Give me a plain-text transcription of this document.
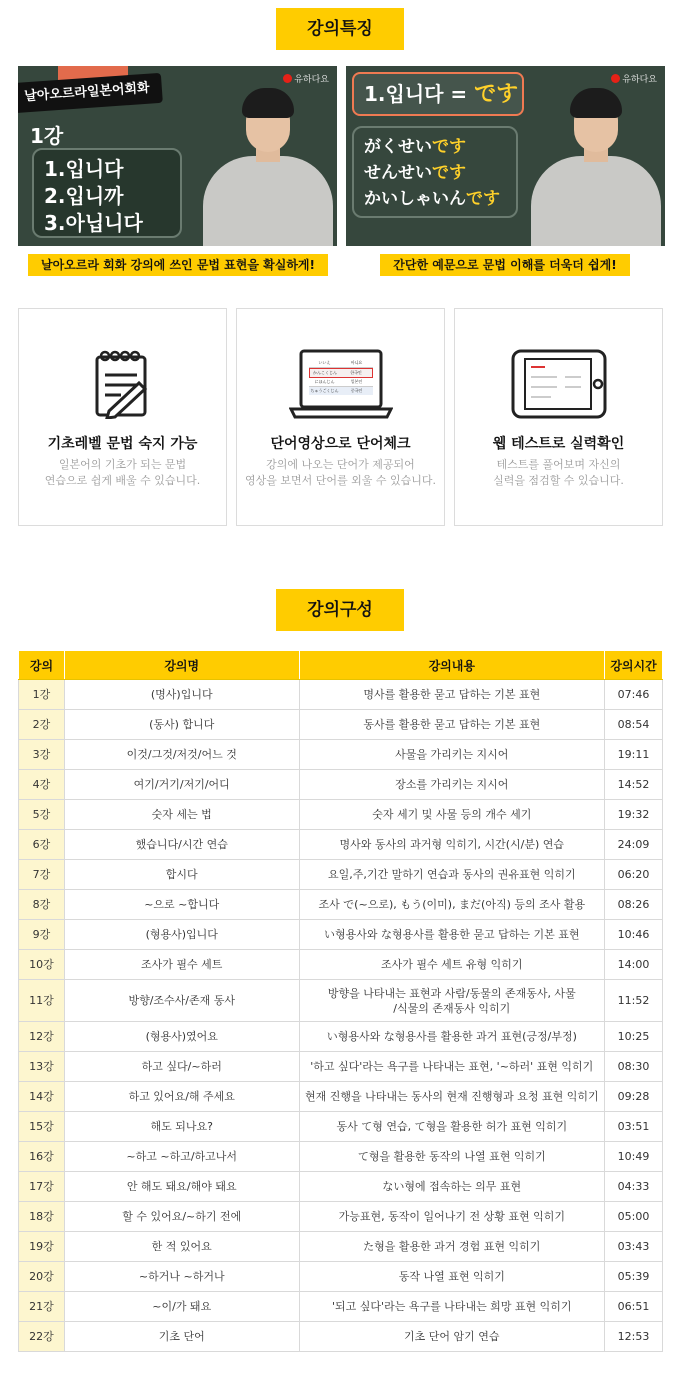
강의특징
날아오르라일본어회화
유하다요
1강
1.입니다
2.입니까
3.아닙니다
유하다요
1.입니다 = です
がくせいです
せんせいです
かいしゃいんです
날아오르라 회화 강의에 쓰인 문법 표현을 확실하게!	간단한 예문으로 문법 이해를 더욱더 쉽게!
기초레벨 문법 숙지 가능
일본어의 기초가 되는 문법
연습으로 쉽게 배울 수 있습니다.
いいえ	아니요
かんこくじん	한국인
にほんじん	일본인
ちゅうごくじん	중국인
단어영상으로 단어체크
강의에 나오는 단어가 제공되어
영상을 보면서 단어를 외울 수 있습니다.
웹 테스트로 실력확인
테스트를 풀어보며 자신의
실력을 점검할 수 있습니다.
강의구성
강의	강의명	강의내용	강의시간
1강	(명사)입니다	명사를 활용한 묻고 답하는 기본 표현	07:46
2강	(동사) 합니다	동사를 활용한 묻고 답하는 기본 표현	08:54
3강	이것/그것/저것/어느 것	사물을 가리키는 지시어	19:11
4강	여기/거기/저기/어디	장소를 가리키는 지시어	14:52
5강	숫자 세는 법	숫자 세기 및 사물 등의 개수 세기	19:32
6강	했습니다/시간 연습	명사와 동사의 과거형 익히기, 시간(시/분) 연습	24:09
7강	합시다	요일,주,기간 말하기 연습과 동사의 권유표현 익히기	06:20
8강	~으로 ~합니다	조사 で(~으로), もう(이미), まだ(아직) 등의 조사 활용	08:26
9강	(형용사)입니다	い형용사와 な형용사를 활용한 묻고 답하는 기본 표현	10:46
10강	조사가 필수 세트	조사가 필수 세트 유형 익히기	14:00
11강	방향/조수사/존재 동사	방향을 나타내는 표현과 사람/동물의 존재동사, 사물
/식물의 존재동사 익히기	11:52
12강	(형용사)였어요	い형용사와 な형용사를 활용한 과거 표현(긍정/부정)	10:25
13강	하고 싶다/~하러	'하고 싶다'라는 욕구를 나타내는 표현, '~하러' 표현 익히기	08:30
14강	하고 있어요/해 주세요	현재 진행을 나타내는 동사의 현재 진행형과 요청 표현 익히기	09:28
15강	해도 되나요?	동사 て형 연습, て형을 활용한 허가 표현 익히기	03:51
16강	~하고 ~하고/하고나서	て형을 활용한 동작의 나열 표현 익히기	10:49
17강	안 해도 돼요/해야 돼요	ない형에 접속하는 의무 표현	04:33
18강	할 수 있어요/~하기 전에	가능표현, 동작이 일어나기 전 상황 표현 익히기	05:00
19강	한 적 있어요	た형을 활용한 과거 경험 표현 익히기	03:43
20강	~하거나 ~하거나	동작 나열 표현 익히기	05:39
21강	~이/가 돼요	'되고 싶다'라는 욕구를 나타내는 희망 표현 익히기	06:51
22강	기초 단어	기초 단어 암기 연습	12:53
